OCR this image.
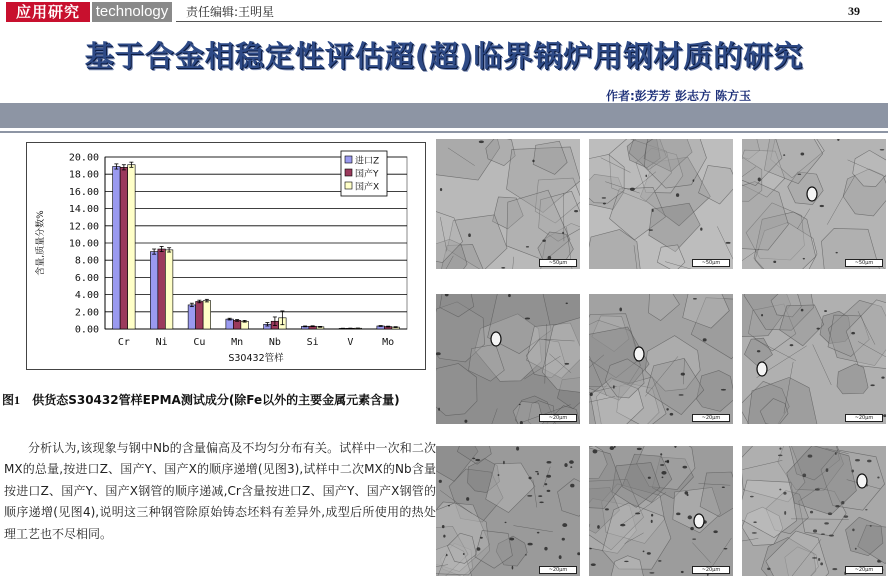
应用研究	technology	责任编辑:王明星	39
基于合金相稳定性评估超(超)临界锅炉用钢材质的研究
作者:彭芳芳 彭志方 陈方玉
0.00
2.00
4.00
6.00
8.00
10.00
12.00
14.00
16.00
18.00
20.00
Cr	Ni	Cu	Mn	Nb	Si	V	Mo
S30432管样
含量,质量分数%
进口Z
国产Y
国产X
图1 供货态S30432管样EPMA测试成分(除Fe以外的主要金属元素含量)
分析认为,该现象与钢中Nb的含量偏高及不均匀分布有关。试样中一次和二次MX的总量,按进口Z、国产Y、国产X的顺序递增(见图3),试样中二次MX的Nb含量按进口Z、国产Y、国产X钢管的顺序递减,Cr含量按进口Z、国产Y、国产X钢管的顺序递增(见图4),说明这三种钢管除原始铸态坯料有差异外,成型后所使用的热处理工艺也不尽相同。
~50μm	~50μm	~50μm
~20μm	~20μm	~20μm
~20μm	~20μm	~20μm
